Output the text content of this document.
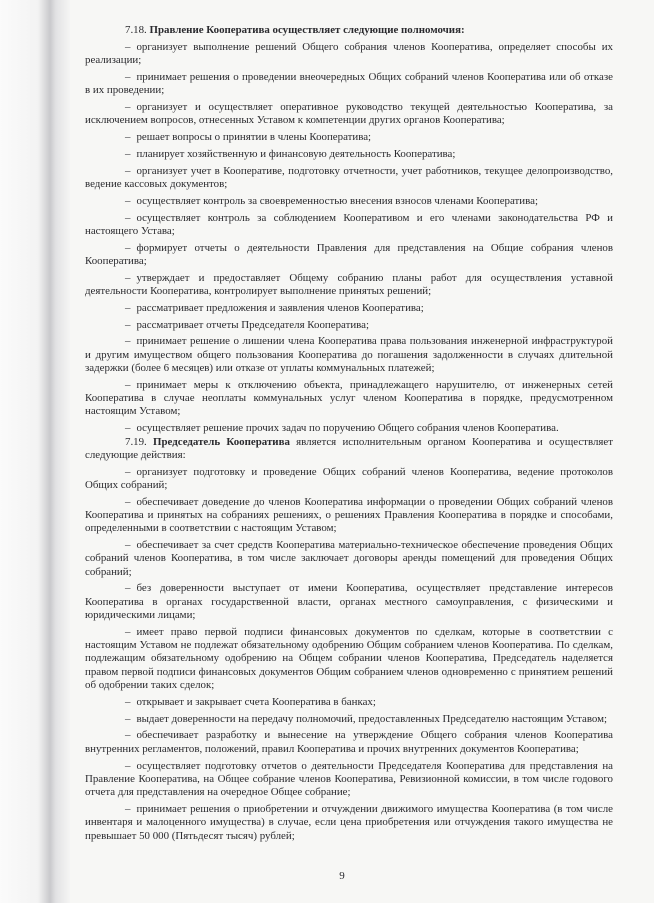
7.18. Правление Кооператива осуществляет следующие полномочия:

– организует выполнение решений Общего собрания членов Кооператива, определяет способы их реализации;

– принимает решения о проведении внеочередных Общих собраний членов Кооператива или об отказе в их проведении;

– организует и осуществляет оперативное руководство текущей деятельностью Кооператива, за исключением вопросов, отнесенных Уставом к компетенции других органов Кооператива;

– решает вопросы о принятии в члены Кооператива;

– планирует хозяйственную и финансовую деятельность Кооператива;

– организует учет в Кооперативе, подготовку отчетности, учет работников, текущее делопроизводство, ведение кассовых документов;

– осуществляет контроль за своевременностью внесения взносов членами Кооператива;

– осуществляет контроль за соблюдением Кооперативом и его членами законодательства РФ и настоящего Устава;

– формирует отчеты о деятельности Правления для представления на Общие собрания членов Кооператива;

– утверждает и предоставляет Общему собранию планы работ для осуществления уставной деятельности Кооператива, контролирует выполнение принятых решений;

– рассматривает предложения и заявления членов Кооператива;

– рассматривает отчеты Председателя Кооператива;

– принимает решение о лишении члена Кооператива права пользования инженерной инфраструктурой и другим имуществом общего пользования Кооператива до погашения задолженности в случаях длительной задержки (более 6 месяцев) или отказе от уплаты коммунальных платежей;

– принимает меры к отключению объекта, принадлежащего нарушителю, от инженерных сетей Кооператива в случае неоплаты коммунальных услуг членом Кооператива в порядке, предусмотренном настоящим Уставом;

– осуществляет решение прочих задач по поручению Общего собрания членов Кооператива.

7.19. Председатель Кооператива является исполнительным органом Кооператива и осуществляет следующие действия:

– организует подготовку и проведение Общих собраний членов Кооператива, ведение протоколов Общих собраний;

– обеспечивает доведение до членов Кооператива информации о проведении Общих собраний членов Кооператива и принятых на собраниях решениях, о решениях Правления Кооператива в порядке и способами, определенными в соответствии с настоящим Уставом;

– обеспечивает за счет средств Кооператива материально-техническое обеспечение проведения Общих собраний членов Кооператива, в том числе заключает договоры аренды помещений для проведения Общих собраний;

– без доверенности выступает от имени Кооператива, осуществляет представление интересов Кооператива в органах государственной власти, органах местного самоуправления, с физическими и юридическими лицами;

– имеет право первой подписи финансовых документов по сделкам, которые в соответствии с настоящим Уставом не подлежат обязательному одобрению Общим собранием членов Кооператива. По сделкам, подлежащим обязательному одобрению на Общем собрании членов Кооператива, Председатель наделяется правом первой подписи финансовых документов Общим собранием членов одновременно с принятием решений об одобрении таких сделок;

– открывает и закрывает счета Кооператива в банках;

– выдает доверенности на передачу полномочий, предоставленных Председателю настоящим Уставом;

– обеспечивает разработку и вынесение на утверждение Общего собрания членов Кооператива внутренних регламентов, положений, правил Кооператива и прочих внутренних документов Кооператива;

– осуществляет подготовку отчетов о деятельности Председателя Кооператива для представления на Правление Кооператива, на Общее собрание членов Кооператива, Ревизионной комиссии, в том числе годового отчета для представления на очередное Общее собрание;

– принимает решения о приобретении и отчуждении движимого имущества Кооператива (в том числе инвентаря и малоценного имущества) в случае, если цена приобретения или отчуждения такого имущества не превышает 50 000 (Пятьдесят тысяч) рублей;

9
